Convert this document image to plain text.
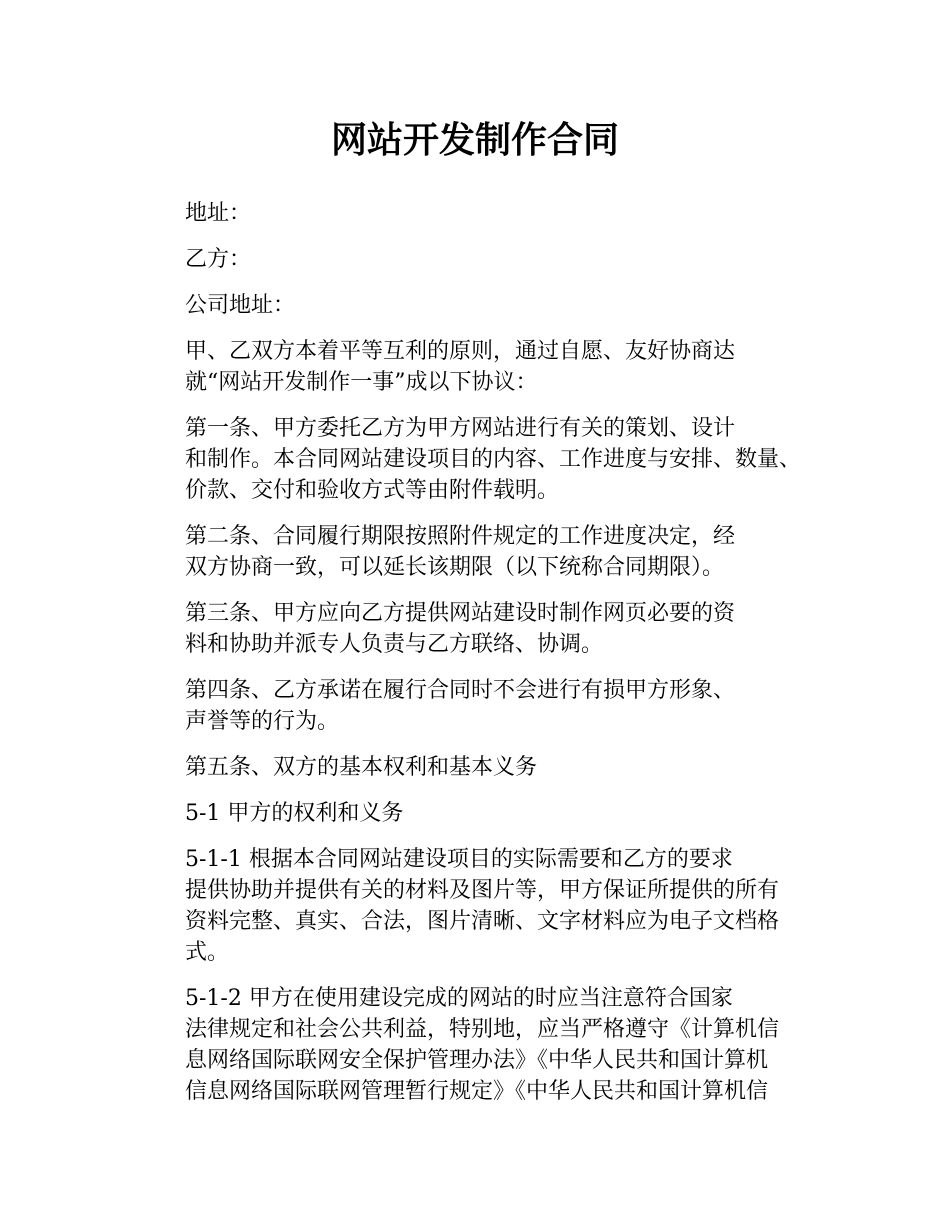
网站开发制作合同

地址：

乙方：

公司地址：

甲、乙双方本着平等互利的原则，通过自愿、友好协商达
就“网站开发制作一事”成以下协议：

第一条、甲方委托乙方为甲方网站进行有关的策划、设计
和制作。本合同网站建设项目的内容、工作进度与安排、数量、
价款、交付和验收方式等由附件载明。

第二条、合同履行期限按照附件规定的工作进度决定，经
双方协商一致，可以延长该期限（以下统称合同期限）。

第三条、甲方应向乙方提供网站建设时制作网页必要的资
料和协助并派专人负责与乙方联络、协调。

第四条、乙方承诺在履行合同时不会进行有损甲方形象、
声誉等的行为。

第五条、双方的基本权利和基本义务

5-1 甲方的权利和义务

5-1-1 根据本合同网站建设项目的实际需要和乙方的要求
提供协助并提供有关的材料及图片等，甲方保证所提供的所有
资料完整、真实、合法，图片清晰、文字材料应为电子文档格
式。

5-1-2 甲方在使用建设完成的网站的时应当注意符合国家
法律规定和社会公共利益，特别地，应当严格遵守《计算机信
息网络国际联网安全保护管理办法》《中华人民共和国计算机
信息网络国际联网管理暂行规定》《中华人民共和国计算机信
